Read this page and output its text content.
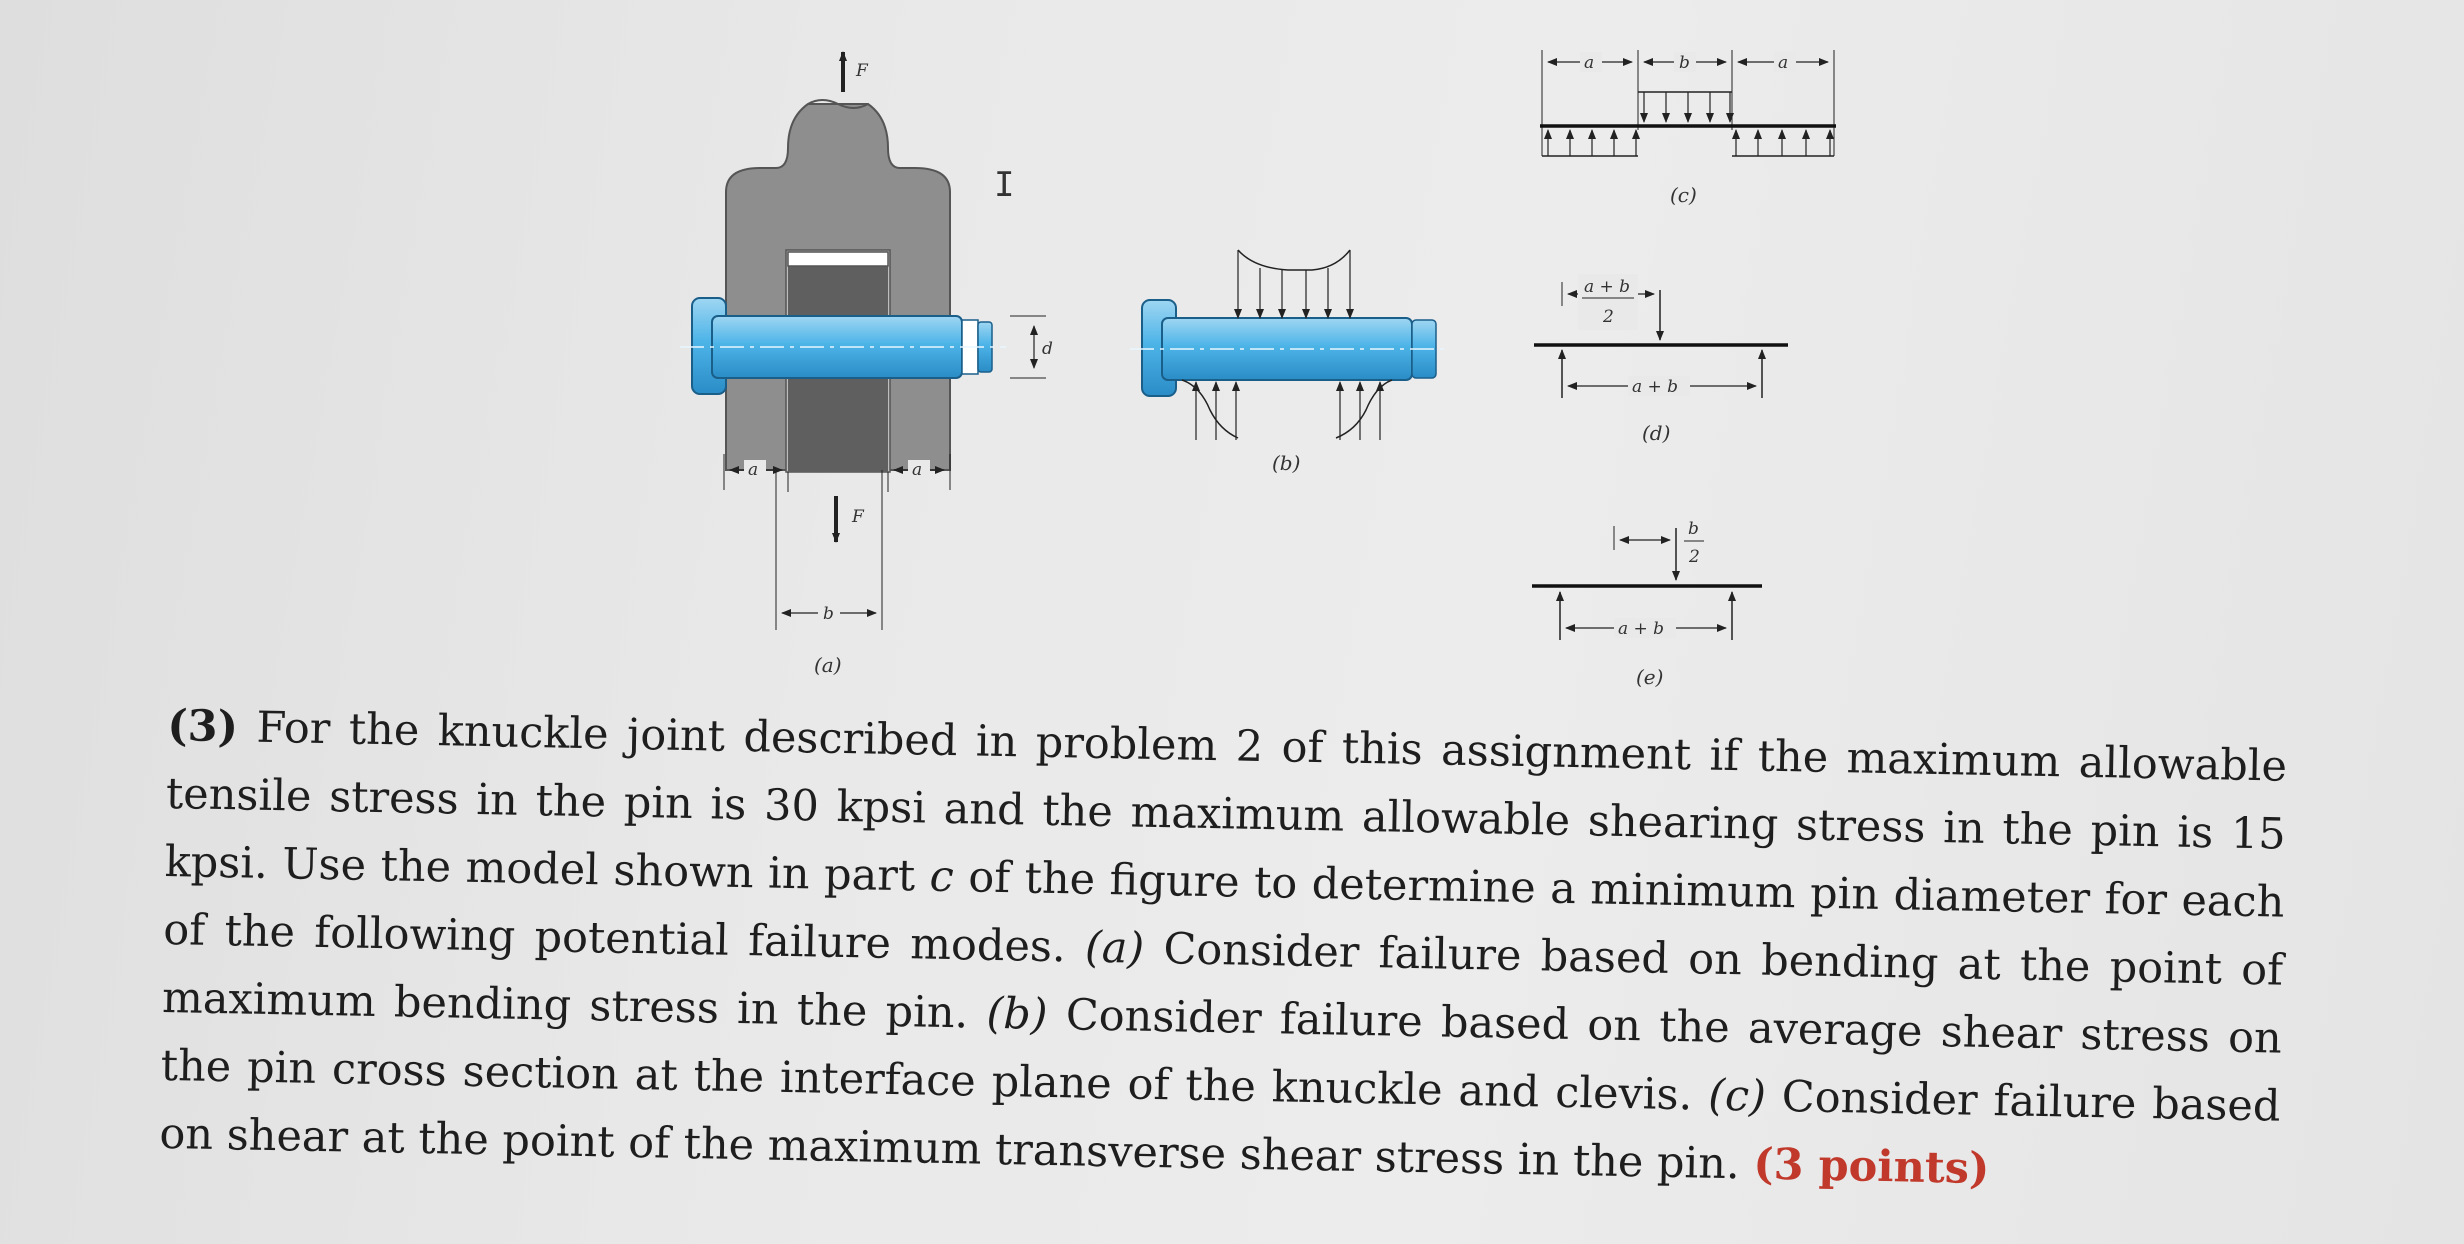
d
F
I
F
a	a
b
(a)
(b)
a	b	a
(c)
a + b
2
a + b
(d)
b
2
a + b
(e)
(3) For the knuckle joint described in problem 2 of this assignment if the maximum allowable tensile stress in the pin is 30 kpsi and the maximum allowable shearing stress in the pin is 15 kpsi. Use the model shown in part c of the figure to determine a minimum pin diameter for each of the following potential failure modes. (a) Consider failure based on bending at the point of maximum bending stress in the pin. (b) Consider failure based on the average shear stress on the pin cross section at the interface plane of the knuckle and clevis. (c) Consider failure based on shear at the point of the maximum transverse shear stress in the pin. (3 points)
